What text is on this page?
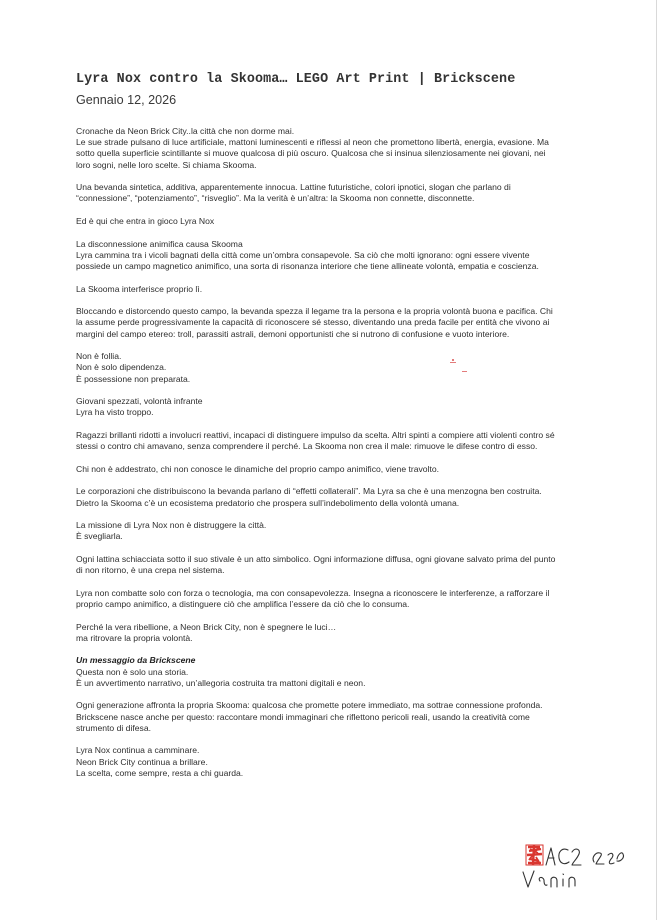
Lyra Nox contro la Skooma… LEGO Art Print | Brickscene
Gennaio 12, 2026
Cronache da Neon Brick City..la città che non dorme mai.
Le sue strade pulsano di luce artificiale, mattoni luminescenti e riflessi al neon che promettono libertà, energia, evasione. Ma
sotto quella superficie scintillante si muove qualcosa di più oscuro. Qualcosa che si insinua silenziosamente nei giovani, nei
loro sogni, nelle loro scelte. Si chiama Skooma.
Una bevanda sintetica, additiva, apparentemente innocua. Lattine futuristiche, colori ipnotici, slogan che parlano di
“connessione”, “potenziamento”, “risveglio”. Ma la verità è un’altra: la Skooma non connette, disconnette.
Ed è qui che entra in gioco Lyra Nox
La disconnessione animifica causa Skooma
Lyra cammina tra i vicoli bagnati della città come un’ombra consapevole. Sa ciò che molti ignorano: ogni essere vivente
possiede un campo magnetico animifico, una sorta di risonanza interiore che tiene allineate volontà, empatia e coscienza.
La Skooma interferisce proprio lì.
Bloccando e distorcendo questo campo, la bevanda spezza il legame tra la persona e la propria volontà buona e pacifica. Chi
la assume perde progressivamente la capacità di riconoscere sé stesso, diventando una preda facile per entità che vivono ai
margini del campo etereo: troll, parassiti astrali, demoni opportunisti che si nutrono di confusione e vuoto interiore.
Non è follia.
Non è solo dipendenza.
È possessione non preparata.
Giovani spezzati, volontà infrante
Lyra ha visto troppo.
Ragazzi brillanti ridotti a involucri reattivi, incapaci di distinguere impulso da scelta. Altri spinti a compiere atti violenti contro sé
stessi o contro chi amavano, senza comprendere il perché. La Skooma non crea il male: rimuove le difese contro di esso.
Chi non è addestrato, chi non conosce le dinamiche del proprio campo animifico, viene travolto.
Le corporazioni che distribuiscono la bevanda parlano di “effetti collaterali”. Ma Lyra sa che è una menzogna ben costruita.
Dietro la Skooma c’è un ecosistema predatorio che prospera sull’indebolimento della volontà umana.
La missione di Lyra Nox non è distruggere la città.
È svegliarla.
Ogni lattina schiacciata sotto il suo stivale è un atto simbolico. Ogni informazione diffusa, ogni giovane salvato prima del punto
di non ritorno, è una crepa nel sistema.
Lyra non combatte solo con forza o tecnologia, ma con consapevolezza. Insegna a riconoscere le interferenze, a rafforzare il
proprio campo animifico, a distinguere ciò che amplifica l’essere da ciò che lo consuma.
Perché la vera ribellione, a Neon Brick City, non è spegnere le luci…
ma ritrovare la propria volontà.
Un messaggio da Brickscene
Questa non è solo una storia.
È un avvertimento narrativo, un’allegoria costruita tra mattoni digitali e neon.
Ogni generazione affronta la propria Skooma: qualcosa che promette potere immediato, ma sottrae connessione profonda.
Brickscene nasce anche per questo: raccontare mondi immaginari che riflettono pericoli reali, usando la creatività come
strumento di difesa.
Lyra Nox continua a camminare.
Neon Brick City continua a brillare.
La scelta, come sempre, resta a chi guarda.
